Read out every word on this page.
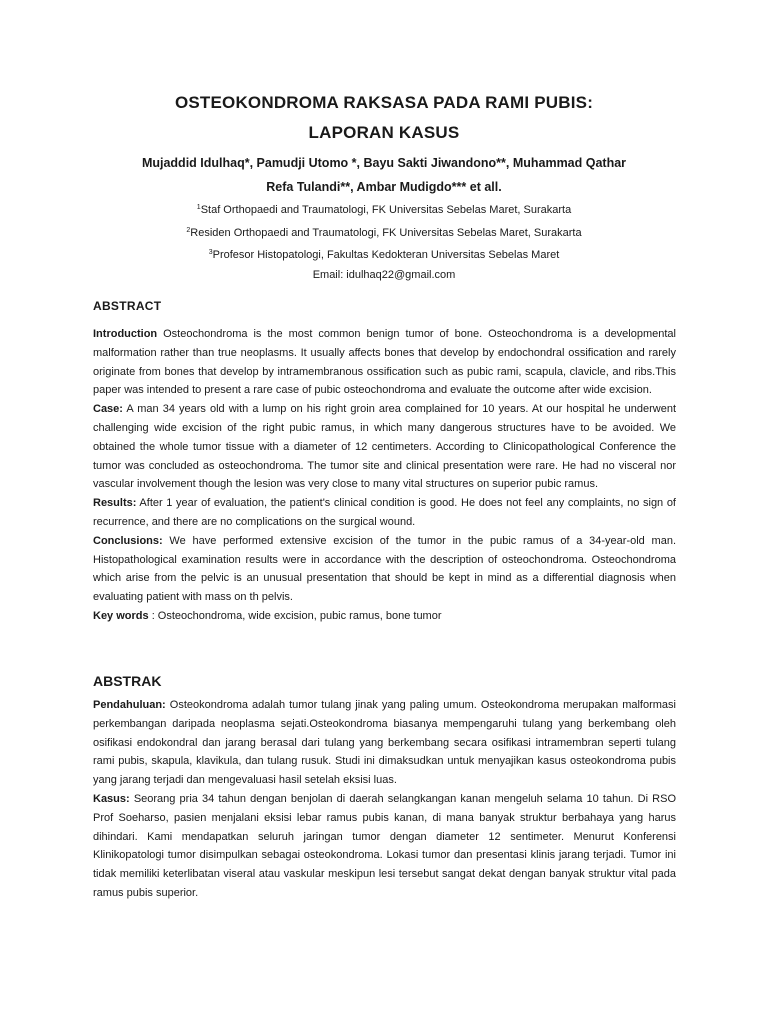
OSTEOKONDROMA RAKSASA PADA RAMI PUBIS:
LAPORAN KASUS
Mujaddid Idulhaq*, Pamudji Utomo *, Bayu Sakti Jiwandono**, Muhammad Qathar
Refa Tulandi**, Ambar Mudigdo*** et all.
$^1$Staf Orthopaedi and Traumatologi, FK Universitas Sebelas Maret, Surakarta
$^2$Residen Orthopaedi and Traumatologi, FK Universitas Sebelas Maret, Surakarta
$^3$Profesor Histopatologi, Fakultas Kedokteran Universitas Sebelas Maret
Email: idulhaq22@gmail.com
ABSTRACT

Introduction Osteochondroma is the most common benign tumor of bone. Osteochondroma is a developmental malformation rather than true neoplasms. It usually affects bones that develop by endochondral ossification and rarely originate from bones that develop by intramembranous ossification such as pubic rami, scapula, clavicle, and ribs.This paper was intended to present a rare case of pubic osteochondroma and evaluate the outcome after wide excision.

Case: A man 34 years old with a lump on his right groin area complained for 10 years. At our hospital he underwent challenging wide excision of the right pubic ramus, in which many dangerous structures have to be avoided. We obtained the whole tumor tissue with a diameter of 12 centimeters. According to Clinicopathological Conference the tumor was concluded as osteochondroma. The tumor site and clinical presentation were rare. He had no visceral nor vascular involvement though the lesion was very close to many vital structures on superior pubic ramus.

Results: After 1 year of evaluation, the patient's clinical condition is good. He does not feel any complaints, no sign of recurrence, and there are no complications on the surgical wound.

Conclusions: We have performed extensive excision of the tumor in the pubic ramus of a 34-year-old man. Histopathological examination results were in accordance with the description of osteochondroma. Osteochondroma which arise from the pelvic is an unusual presentation that should be kept in mind as a differential diagnosis when evaluating patient with mass on th pelvis.

Key words : Osteochondroma, wide excision, pubic ramus, bone tumor

ABSTRAK

Pendahuluan: Osteokondroma adalah tumor tulang jinak yang paling umum. Osteokondroma merupakan malformasi perkembangan daripada neoplasma sejati.Osteokondroma biasanya mempengaruhi tulang yang berkembang oleh osifikasi endokondral dan jarang berasal dari tulang yang berkembang secara osifikasi intramembran seperti tulang rami pubis, skapula, klavikula, dan tulang rusuk. Studi ini dimaksudkan untuk menyajikan kasus osteokondroma pubis yang jarang terjadi dan mengevaluasi hasil setelah eksisi luas.

Kasus: Seorang pria 34 tahun dengan benjolan di daerah selangkangan kanan mengeluh selama 10 tahun. Di RSO Prof Soeharso, pasien menjalani eksisi lebar ramus pubis kanan, di mana banyak struktur berbahaya yang harus dihindari. Kami mendapatkan seluruh jaringan tumor dengan diameter 12 sentimeter. Menurut Konferensi Klinikopatologi tumor disimpulkan sebagai osteokondroma. Lokasi tumor dan presentasi klinis jarang terjadi. Tumor ini tidak memiliki keterlibatan viseral atau vaskular meskipun lesi tersebut sangat dekat dengan banyak struktur vital pada ramus pubis superior.
